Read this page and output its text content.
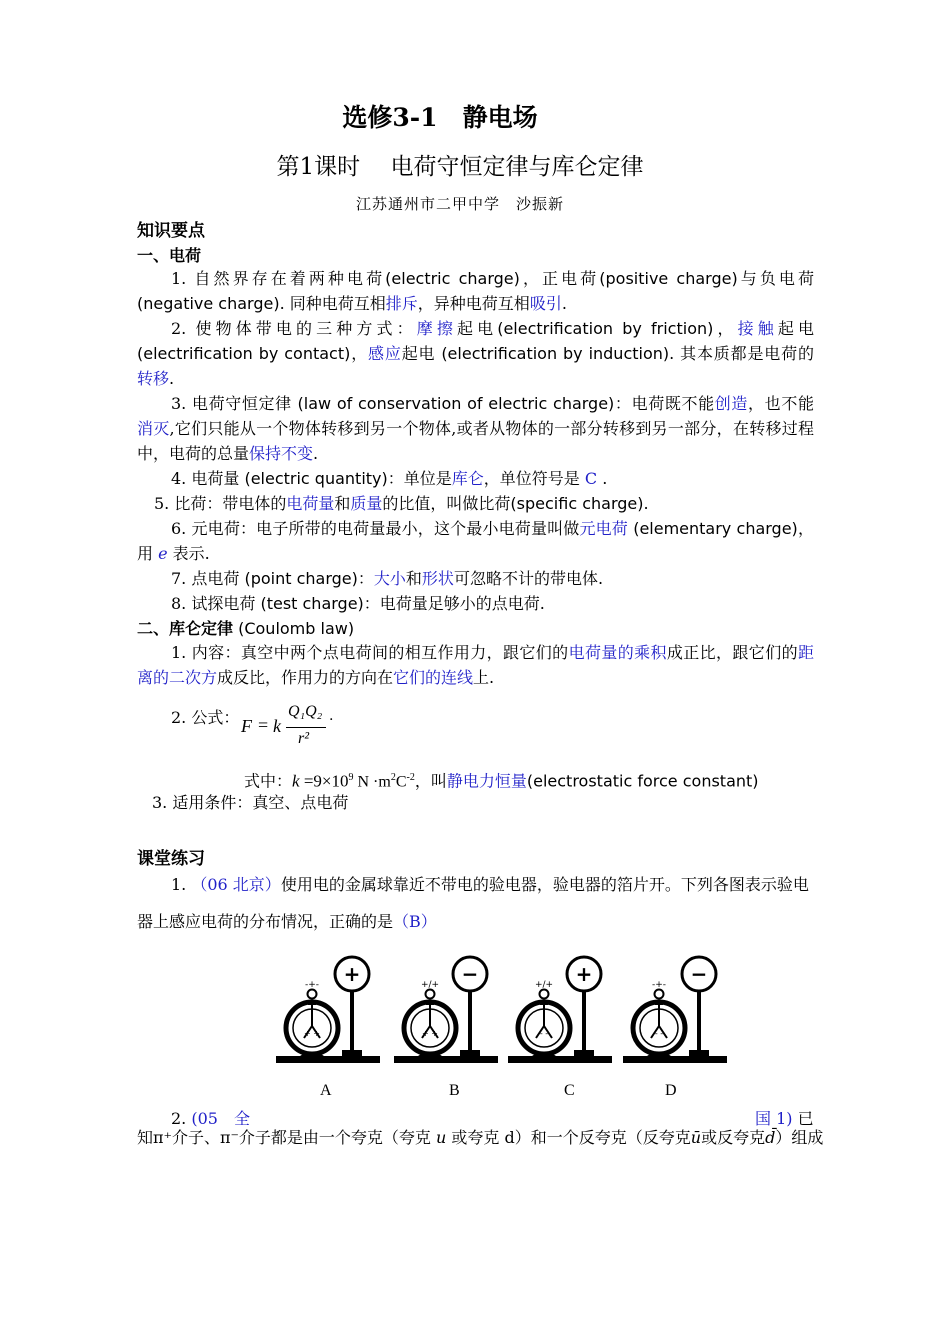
选修3-1　静电场
第1课时　 电荷守恒定律与库仑定律
江苏通州市二甲中学　沙振新
知识要点
一、电荷
1. 自然界存在着两种电荷(electric charge)，正电荷(positive charge)与负电荷(negative charge). 同种电荷互相排斥，异种电荷互相吸引.
2. 使物体带电的三种方式：摩擦起电(electrification by friction)，接触起电(electrification by contact)，感应起电 (electrification by induction). 其本质都是电荷的转移.
3. 电荷守恒定律 (law of conservation of electric charge)：电荷既不能创造，也不能消灭,它们只能从一个物体转移到另一个物体,或者从物体的一部分转移到另一部分，在转移过程中，电荷的总量保持不变.
4. 电荷量 (electric quantity)：单位是库仑，单位符号是 C .
5. 比荷：带电体的电荷量和质量的比值，叫做比荷(specific charge).
6. 元电荷：电子所带的电荷量最小，这个最小电荷量叫做元电荷 (elementary charge)，用 e 表示.
7. 点电荷 (point charge)：大小和形状可忽略不计的带电体.
8. 试探电荷 (test charge)：电荷量足够小的点电荷.
二、库仑定律 (Coulomb law)
1. 内容：真空中两个点电荷间的相互作用力，跟它们的电荷量的乘积成正比，跟它们的距离的二次方成反比，作用力的方向在它们的连线上.
2. 公式： F = k
Q₁Q₂
r²
.
式中：$k =9\times 10^9$ $N \cdot m^2C^{-2}$，叫静电力恒量(electrostatic force constant)
3. 适用条件：真空、点电荷
课堂练习
1. （06 北京）使用电的金属球靠近不带电的验电器，验电器的箔片开。下列各图表示验电
器上感应电荷的分布情况，正确的是（B）
-+-
+ +
+	+/+
+ +
−	+/+
- -
+	-+-
- -
−
A	B	C	D
2. (05　全	国 1) 已
知π⁺介子、π⁻介子都是由一个夸克（夸克 u 或夸克 d）和一个反夸克（反夸克ū或反夸克d̄）组成
